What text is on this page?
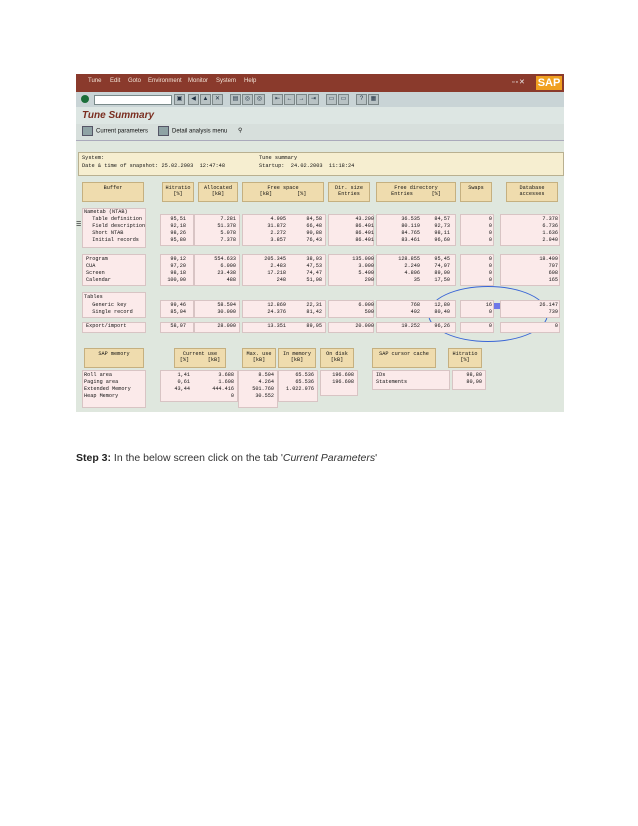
Tune Edit Goto Environment Monitor System Help	▫▫✕ SAP
▣	◀	▲	✕	▤	◎	◎	⇤	←	→	⇥	▭	▭	?	▦
Tune Summary
Current parameters	Detail analysis menu ⚲
System:
Date & time of snapshot: 25.02.2003  12:47:48
Tune summary
Startup:  24.02.2003  11:18:24
☰
Buffer	Hitratio
[%]
Allocated
[kB]
Free space
[kB]        [%]
Dir. size
Entries
Free directory
Entries      [%]
Swaps	Database
accesses
Nametab (NTAB)
Table definition	95,51	7.281	4.995	84,58	43.200	36.535	84,57	0	7.378
Field description	92,18	51.378	31.872	66,48	86.401	80.119	92,73	0	6.736
Short NTAB	98,26	5.078	2.272	90,88	86.401	84.765	98,11	0	1.636
Initial records	95,80	7.378	3.857	76,43	86.401	83.461	96,60	0	2.940
Program	99,12	554.633	205.345	38,03	135.000	128.855	95,45	0	18.409
CUA	97,20	6.000	2.483	47,53	3.000	2.249	74,97	0	707
Screen	98,18	23.438	17.218	74,47	5.400	4.806	89,00	0	608
Calendar	100,00	488	248	51,08	200	35	17,50	0	165
Tables
Generic key	99,46	58.594	12.869	22,31	6.000	768	12,80	16	26.147
Single record	85,04	30.000	24.376	81,42	500	402	80,40	0	739
Export/import	58,97	28.000	13.351	89,95	20.000	19.252	96,26	0	0
SAP memory	Current use
[%]      [kB]
Max. use
[kB]
In memory
[kB]
On disk
[kB]
SAP cursor cache	Hitratio
[%]
Roll area	1,41	3.688	8.504	65.536	196.608
Paging area	0,61	1.608	4.264	65.536	196.608
Extended Memory	43,44	444.416	501.760	1.022.976
Heap Memory	0	30.552
IDs	98,80
Statements	80,00
Step 3: In the below screen click on the tab 'Current Parameters'
